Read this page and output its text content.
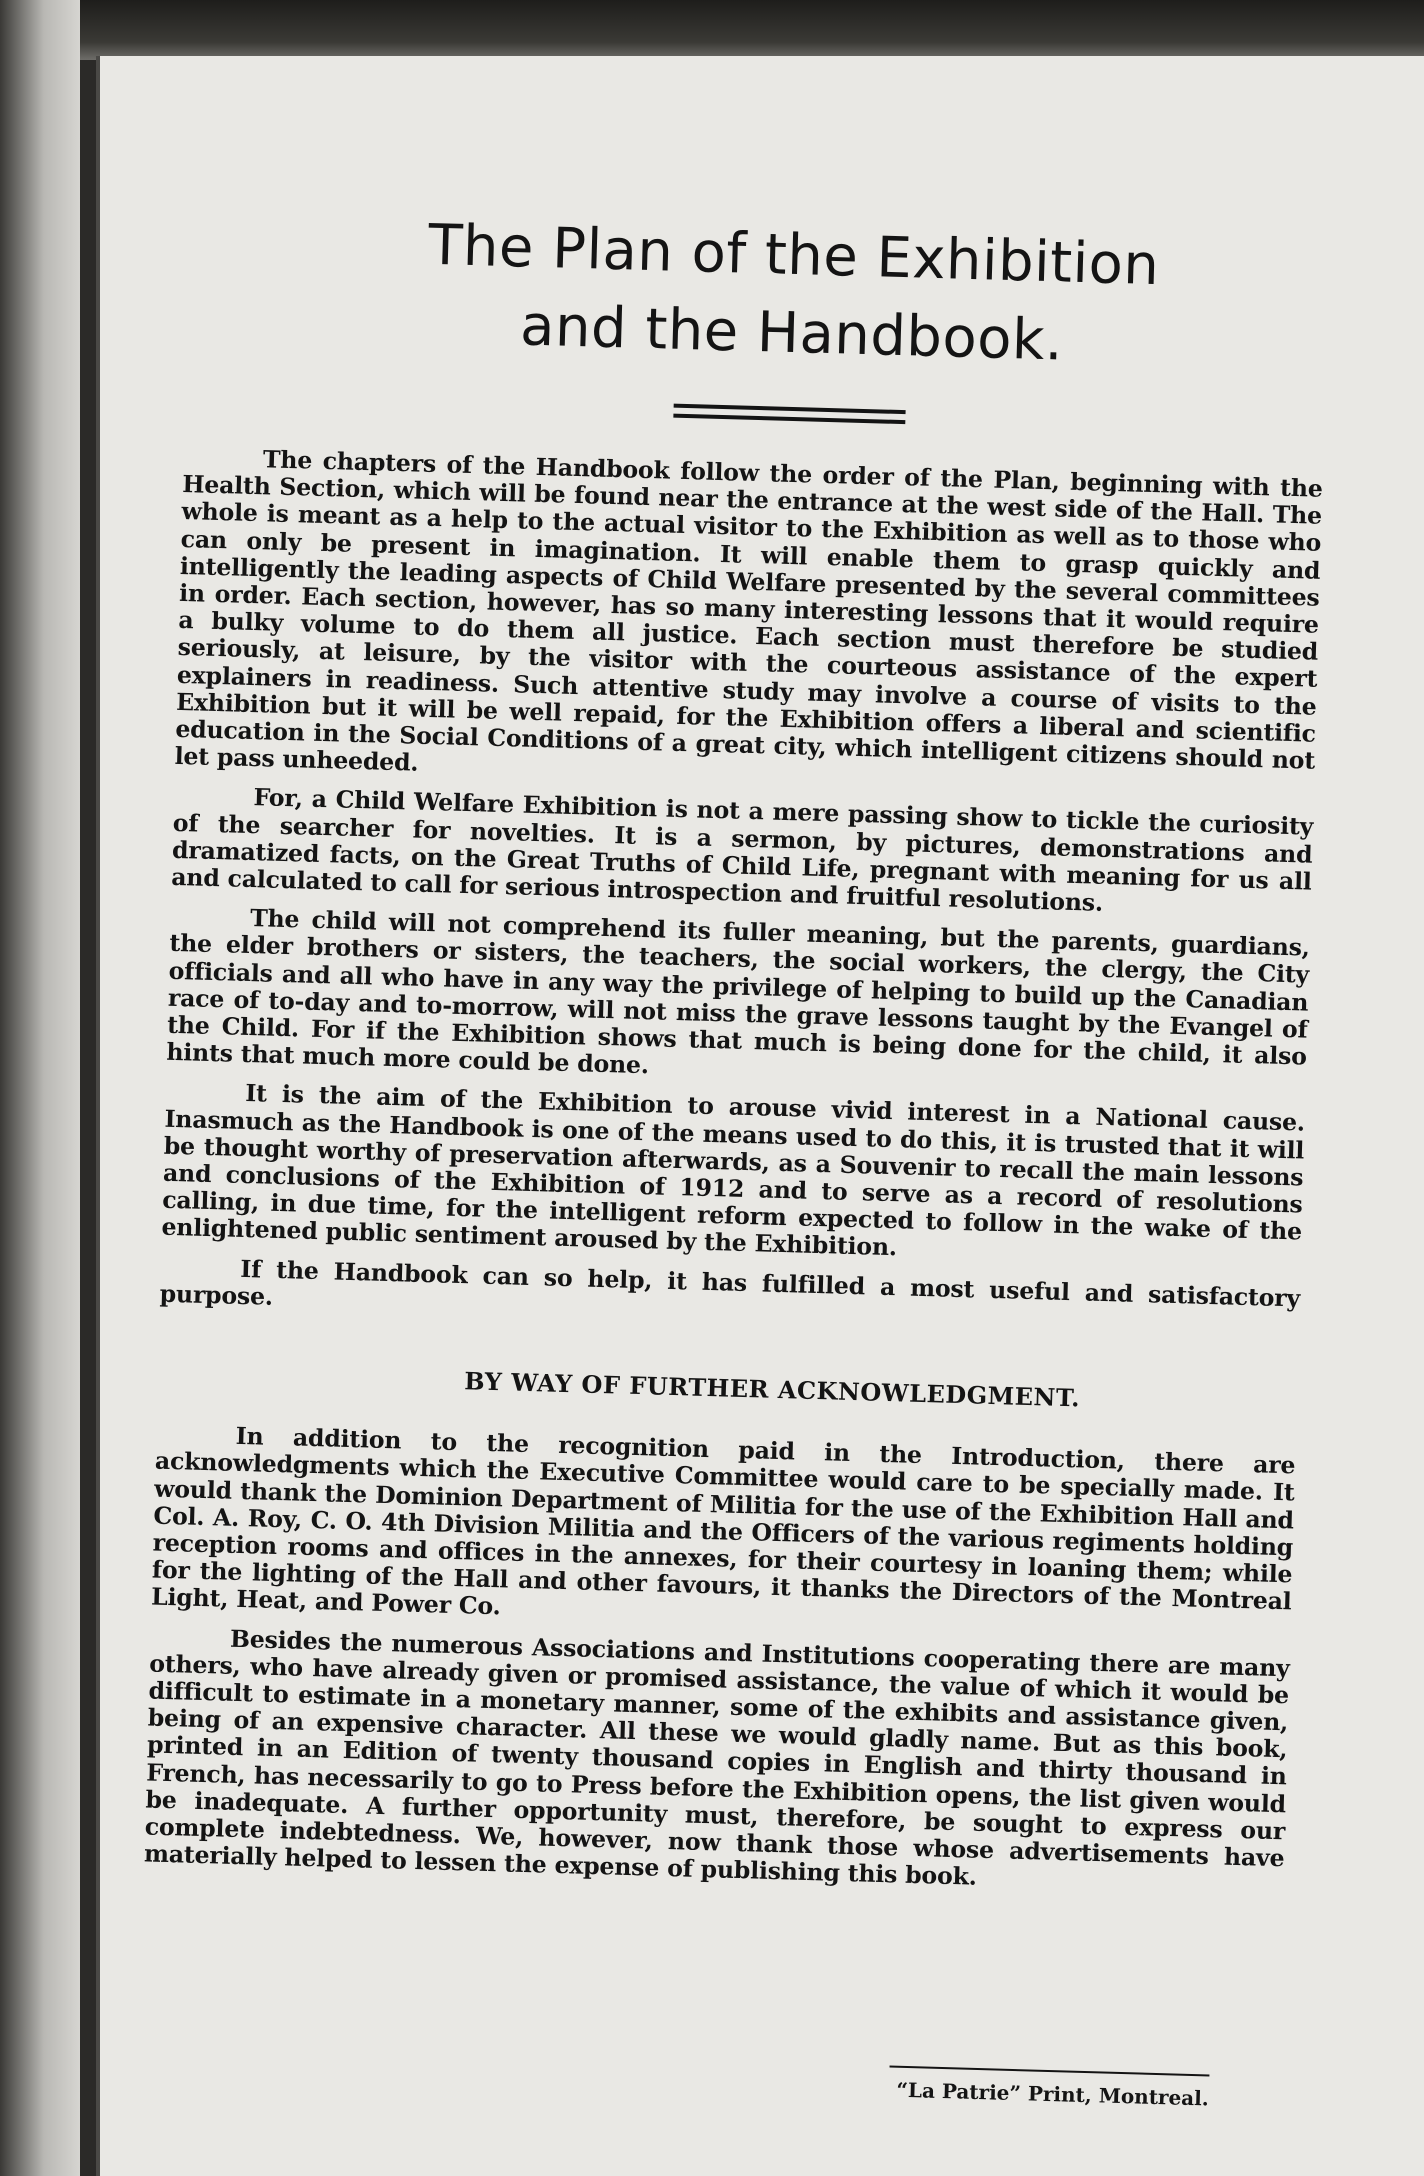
The Plan of the Exhibition
and the Handbook.

The chapters of the Handbook follow the order of the Plan, beginning with the Health Section, which will be found near the entrance at the west side of the Hall. The whole is meant as a help to the actual visitor to the Exhibition as well as to those who can only be present in imagination. It will enable them to grasp quickly and intelligently the leading aspects of Child Welfare presented by the several committees in order. Each section, however, has so many interesting lessons that it would require a bulky volume to do them all justice. Each section must therefore be studied seriously, at leisure, by the visitor with the courteous assistance of the expert explainers in readiness. Such attentive study may involve a course of visits to the Exhibition but it will be well repaid, for the Exhibition offers a liberal and scientific education in the Social Conditions of a great city, which intelligent citizens should not let pass unheeded.

For, a Child Welfare Exhibition is not a mere passing show to tickle the curiosity of the searcher for novelties. It is a sermon, by pictures, demonstrations and dramatized facts, on the Great Truths of Child Life, pregnant with meaning for us all and calculated to call for serious introspection and fruitful resolutions.

The child will not comprehend its fuller meaning, but the parents, guardians, the elder brothers or sisters, the teachers, the social workers, the clergy, the City officials and all who have in any way the privilege of helping to build up the Canadian race of to-day and to-morrow, will not miss the grave lessons taught by the Evangel of the Child. For if the Exhibition shows that much is being done for the child, it also hints that much more could be done.

It is the aim of the Exhibition to arouse vivid interest in a National cause. Inasmuch as the Handbook is one of the means used to do this, it is trusted that it will be thought worthy of preservation afterwards, as a Souvenir to recall the main lessons and conclusions of the Exhibition of 1912 and to serve as a record of resolutions calling, in due time, for the intelligent reform expected to follow in the wake of the enlightened public sentiment aroused by the Exhibition.

If the Handbook can so help, it has fulfilled a most useful and satisfactory purpose.

BY WAY OF FURTHER ACKNOWLEDGMENT.

In addition to the recognition paid in the Introduction, there are acknowledgments which the Executive Committee would care to be specially made. It would thank the Dominion Department of Militia for the use of the Exhibition Hall and Col. A. Roy, C. O. 4th Division Militia and the Officers of the various regiments holding reception rooms and offices in the annexes, for their courtesy in loaning them; while for the lighting of the Hall and other favours, it thanks the Directors of the Montreal Light, Heat, and Power Co.

Besides the numerous Associations and Institutions cooperating there are many others, who have already given or promised assistance, the value of which it would be difficult to estimate in a monetary manner, some of the exhibits and assistance given, being of an expensive character. All these we would gladly name. But as this book, printed in an Edition of twenty thousand copies in English and thirty thousand in French, has necessarily to go to Press before the Exhibition opens, the list given would be inadequate. A further opportunity must, therefore, be sought to express our complete indebtedness. We, however, now thank those whose advertisements have materially helped to lessen the expense of publishing this book.

“La Patrie” Print, Montreal.
